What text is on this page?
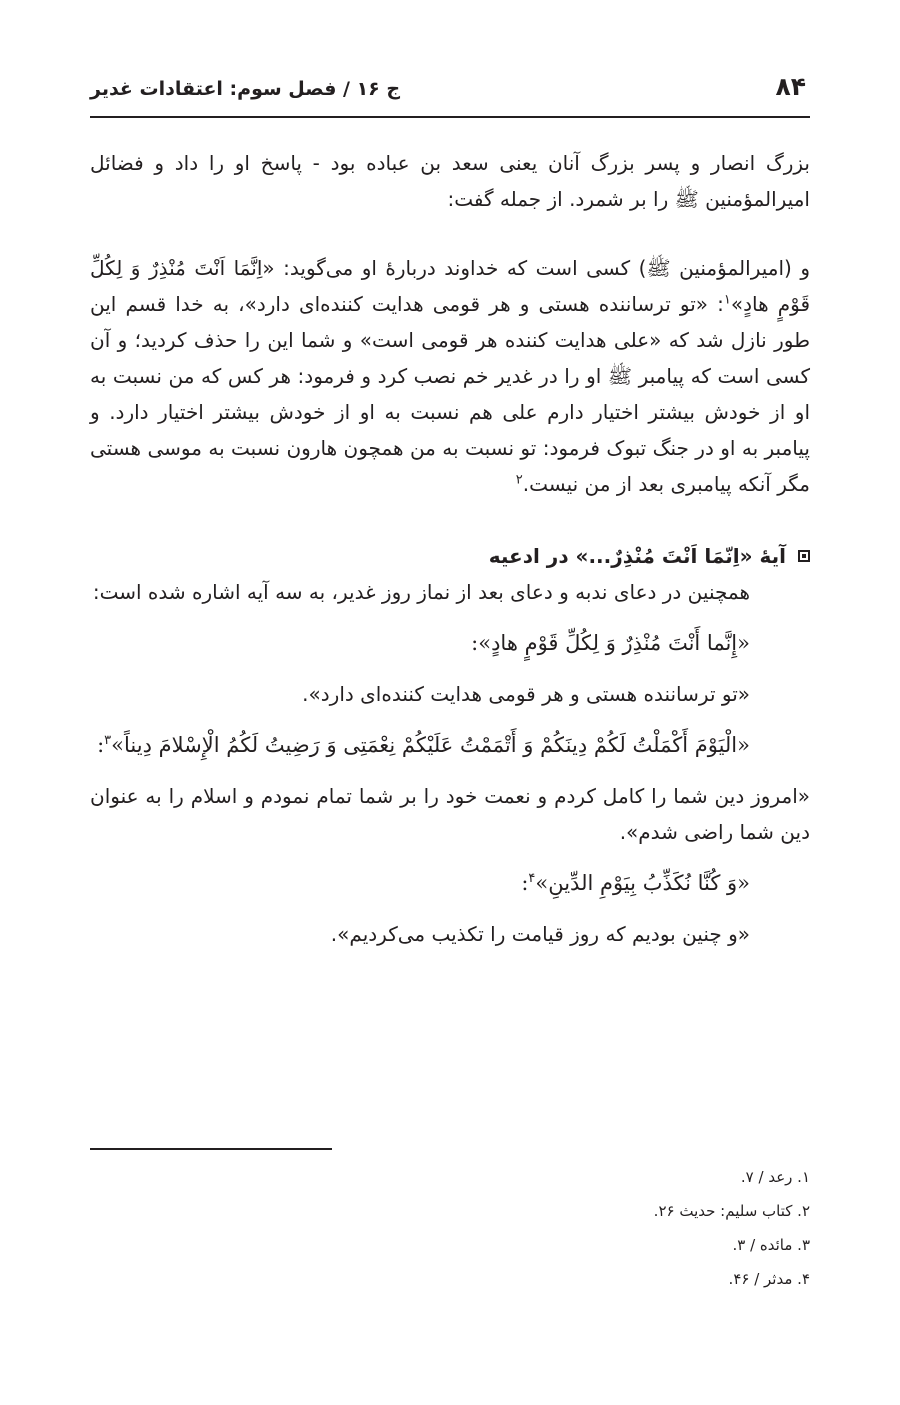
۸۴
ج ۱۶ / فصل سوم: اعتقادات غدیر

بزرگ انصار و پسر بزرگ آنان یعنی سعد بن عباده بود - پاسخ او را داد و فضائل امیرالمؤمنین ﷺ را بر شمرد. از جمله گفت:

و (امیرالمؤمنین ﷺ) کسی است که خداوند دربارهٔ او می‌گوید: «اِنَّمَا اَنْتَ مُنْذِرٌ وَ لِکُلِّ قَوْمٍ هادٍ»$^۱$: «تو ترساننده هستی و هر قومی هدایت کننده‌ای دارد»، به خدا قسم این طور نازل شد که «علی هدایت کننده هر قومی است» و شما این را حذف کردید؛ و آن کسی است که پیامبر ﷺ او را در غدیر خم نصب کرد و فرمود: هر کس که من نسبت به او از خودش بیشتر اختیار دارم علی هم نسبت به او از خودش بیشتر اختیار دارد. و پیامبر به او در جنگ تبوک فرمود: تو نسبت به من همچون هارون نسبت به موسی هستی مگر آنکه پیامبری بعد از من نیست.$^۲$

آیهٔ «اِنّمَا اَنْتَ مُنْذِرٌ...» در ادعیه

همچنین در دعای ندبه و دعای بعد از نماز روز غدیر، به سه آیه اشاره شده است:

«إِنَّما أَنْتَ مُنْذِرٌ وَ لِکُلِّ قَوْمٍ هادٍ»:

«تو ترساننده هستی و هر قومی هدایت کننده‌ای دارد».

«الْیَوْمَ أَکْمَلْتُ لَکُمْ دِینَکُمْ وَ أَتْمَمْتُ عَلَیْکُمْ نِعْمَتِی وَ رَضِیتُ لَکُمُ الْإِسْلامَ دِیناً»$^۳$:

«امروز دین شما را کامل کردم و نعمت خود را بر شما تمام نمودم و اسلام را به عنوان دین شما راضی شدم».

«وَ کُنَّا نُکَذِّبُ بِیَوْمِ الدِّینِ»$^۴$:

«و چنین بودیم که روز قیامت را تکذیب می‌کردیم».

۱. رعد / ۷.
۲. کتاب سلیم: حدیث ۲۶.
۳. مائده / ۳.
۴. مدثر / ۴۶.
